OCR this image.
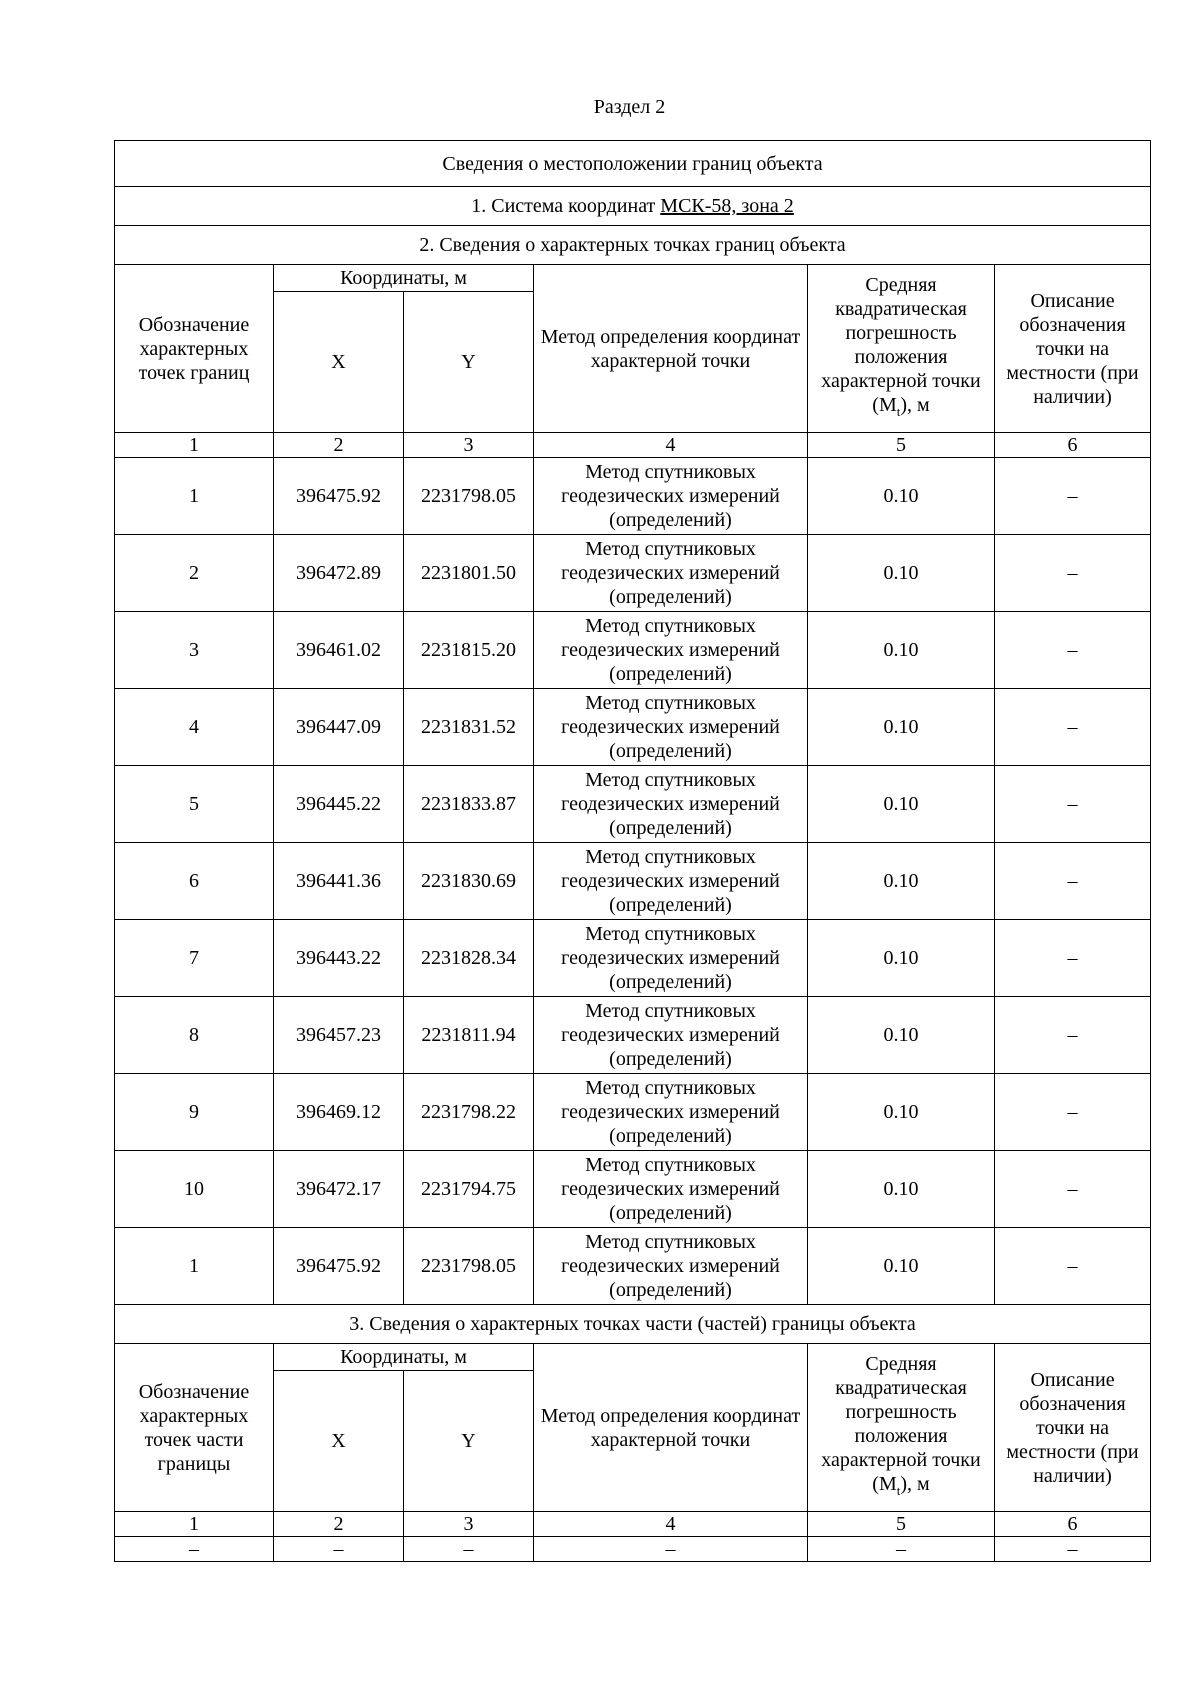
Раздел 2
Сведения о местоположении границ объекта					
1. Система координат МСК-58, зона 2					
2. Сведения о характерных точках границ объекта					
Обозначение характерных точек границ	Координаты, м		Метод определения координат характерной точки	Средняя квадратическая погрешность положения характерной точки $(M_t)$, м	Описание обозначения точки на местности (при наличии)
	X	Y			
1	2	3	4	5	6
1	396475.92	2231798.05	Метод спутниковых геодезических измерений (определений)	0.10	–
2	396472.89	2231801.50	Метод спутниковых геодезических измерений (определений)	0.10	–
3	396461.02	2231815.20	Метод спутниковых геодезических измерений (определений)	0.10	–
4	396447.09	2231831.52	Метод спутниковых геодезических измерений (определений)	0.10	–
5	396445.22	2231833.87	Метод спутниковых геодезических измерений (определений)	0.10	–
6	396441.36	2231830.69	Метод спутниковых геодезических измерений (определений)	0.10	–
7	396443.22	2231828.34	Метод спутниковых геодезических измерений (определений)	0.10	–
8	396457.23	2231811.94	Метод спутниковых геодезических измерений (определений)	0.10	–
9	396469.12	2231798.22	Метод спутниковых геодезических измерений (определений)	0.10	–
10	396472.17	2231794.75	Метод спутниковых геодезических измерений (определений)	0.10	–
1	396475.92	2231798.05	Метод спутниковых геодезических измерений (определений)	0.10	–
3. Сведения о характерных точках части (частей) границы объекта					
Обозначение характерных точек части границы	Координаты, м		Метод определения координат характерной точки	Средняя квадратическая погрешность положения характерной точки $(M_t)$, м	Описание обозначения точки на местности (при наличии)
	X	Y			
1	2	3	4	5	6
–	–	–	–	–	–
